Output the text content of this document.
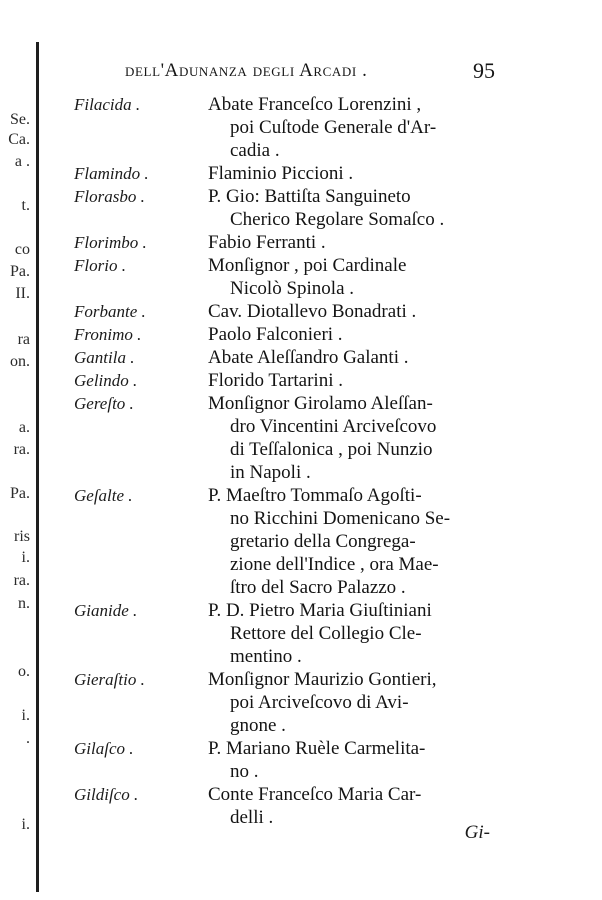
Se.
Ca.
a .
t.
co
Pa.
II.
ra
on.
a.
ra.
Pa.
ris
i.
ra.
n.
o.
i.
.
i.
dell'Adunanza degli Arcadi .	95
Filacida .	Abate Franceſco Lorenzini ,
poi Cuſtode Generale d'Ar-
cadia .
Flamindo .	Flaminio Piccioni .
Florasbo .	P. Gio: Battiſta Sanguineto
Cherico Regolare Somaſco .
Florimbo .	Fabio Ferranti .
Florio .	Monſignor , poi Cardinale
Nicolò Spinola .
Forbante .	Cav. Diotallevo Bonadrati .
Fronimo .	Paolo Falconieri .
Gantila .	Abate Aleſſandro Galanti .
Gelindo .	Florido Tartarini .
Gereſto .	Monſignor Girolamo Aleſſan-
dro Vincentini Arciveſcovo
di Teſſalonica , poi Nunzio
in Napoli .
Geſalte .	P. Maeſtro Tommaſo Agoſti-
no Ricchini Domenicano Se-
gretario della Congrega-
zione dell'Indice , ora Mae-
ſtro del Sacro Palazzo .
Gianide .	P. D. Pietro Maria Giuſtiniani
Rettore del Collegio Cle-
mentino .
Gieraſtio .	Monſignor Maurizio Gontieri,
poi Arciveſcovo di Avi-
gnone .
Gilaſco .	P. Mariano Ruèle Carmelita-
no .
Gildiſco .	Conte Franceſco Maria Car-
delli .
Gi-
